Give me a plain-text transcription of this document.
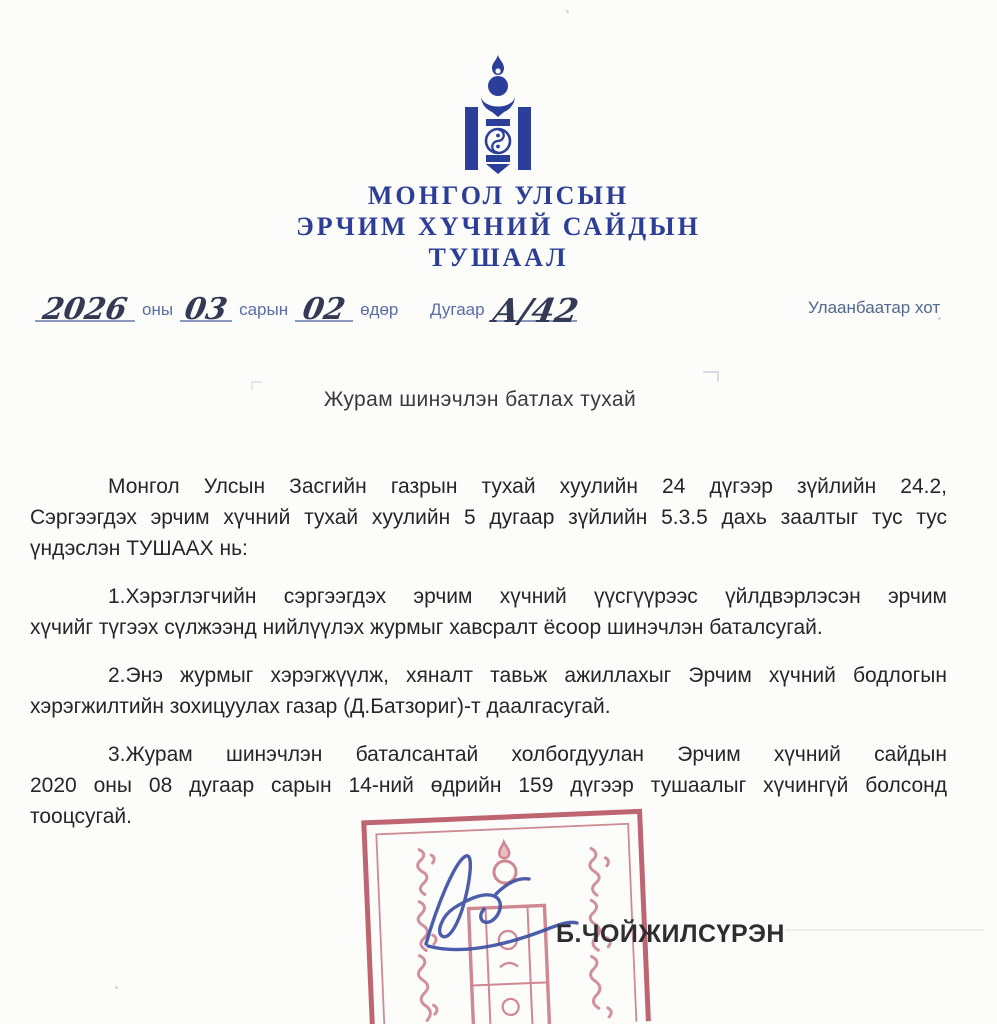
МОНГОЛ УЛСЫН
ЭРЧИМ ХҮЧНИЙ САЙДЫН
ТУШААЛ
2026 оны 03 сарын 02 өдөр Дугаар А/42	Улаанбаатар хот
Журам шинэчлэн батлах тухай
Монгол Улсын Засгийн газрын тухай хуулийн 24 дүгээр зүйлийн 24.2,
Сэргээгдэх эрчим хүчний тухай хуулийн 5 дугаар зүйлийн 5.3.5 дахь заалтыг тус тус
үндэслэн ТУШААХ нь:
1.Хэрэглэгчийн сэргээгдэх эрчим хүчний үүсгүүрээс үйлдвэрлэсэн эрчим
хүчийг түгээх сүлжээнд нийлүүлэх журмыг хавсралт ёсоор шинэчлэн баталсугай.
2.Энэ журмыг хэрэгжүүлж, хяналт тавьж ажиллахыг Эрчим хүчний бодлогын
хэрэгжилтийн зохицуулах газар (Д.Батзориг)-т даалгасугай.
3.Журам шинэчлэн баталсантай холбогдуулан Эрчим хүчний сайдын
2020 оны 08 дугаар сарын 14-ний өдрийн 159 дүгээр тушаалыг хүчингүй болсонд
тооцсугай.
Б.ЧОЙЖИЛСҮРЭН
